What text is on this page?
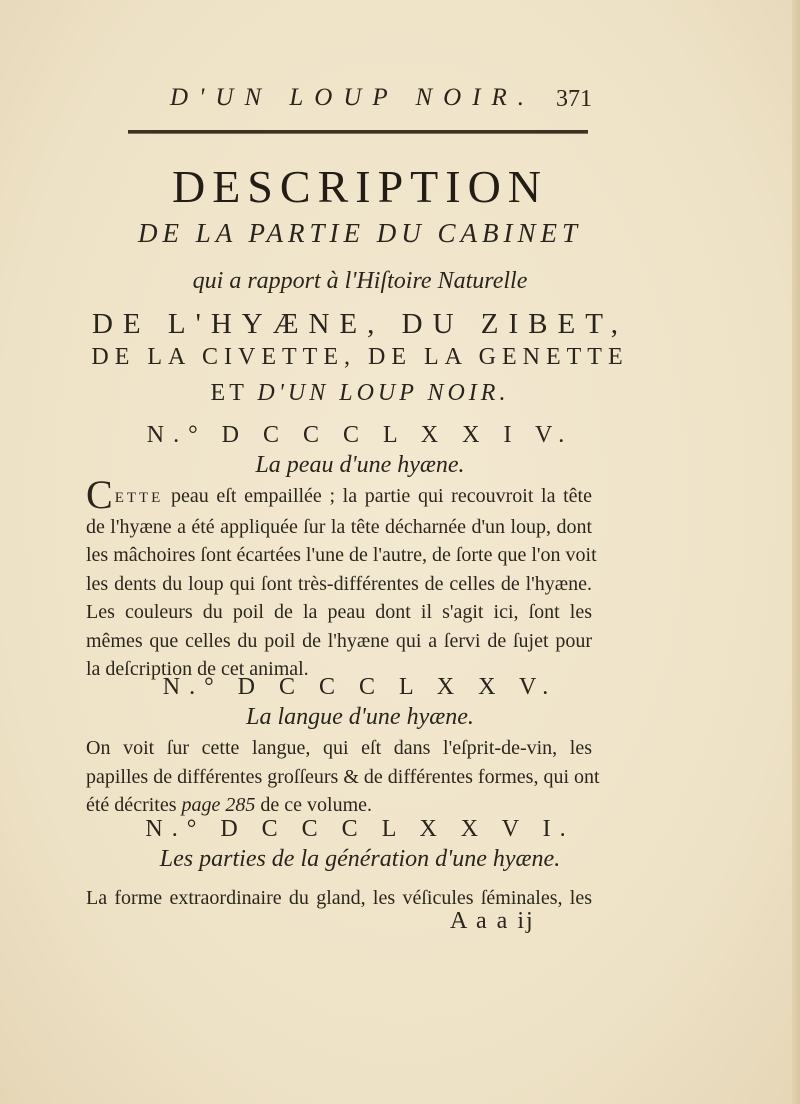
D'UN LOUP NOIR. 371
DESCRIPTION
DE LA PARTIE DU CABINET
qui a rapport à l'Hiſtoire Naturelle
DE L'HYÆNE, DU ZIBET,
DE LA CIVETTE, DE LA GENETTE
ET D'UN LOUP NOIR.
N.° D C C C L X X I V.
La peau d'une hyæne.
CETTE peau eſt empaillée ; la partie qui recouvroit la tête
de l'hyæne a été appliquée ſur la tête décharnée d'un loup, dont
les mâchoires ſont écartées l'une de l'autre, de ſorte que l'on voit
les dents du loup qui ſont très-différentes de celles de l'hyæne.
Les couleurs du poil de la peau dont il s'agit ici, ſont les
mêmes que celles du poil de l'hyæne qui a ſervi de ſujet pour
la deſcription de cet animal.
N.° D C C C L X X V.
La langue d'une hyæne.
On voit ſur cette langue, qui eſt dans l'eſprit-de-vin, les
papilles de différentes groſſeurs & de différentes formes, qui ont
été décrites page 285 de ce volume.
N.° D C C C L X X V I.
Les parties de la génération d'une hyæne.
La forme extraordinaire du gland, les véſicules ſéminales, les
A a a ij
